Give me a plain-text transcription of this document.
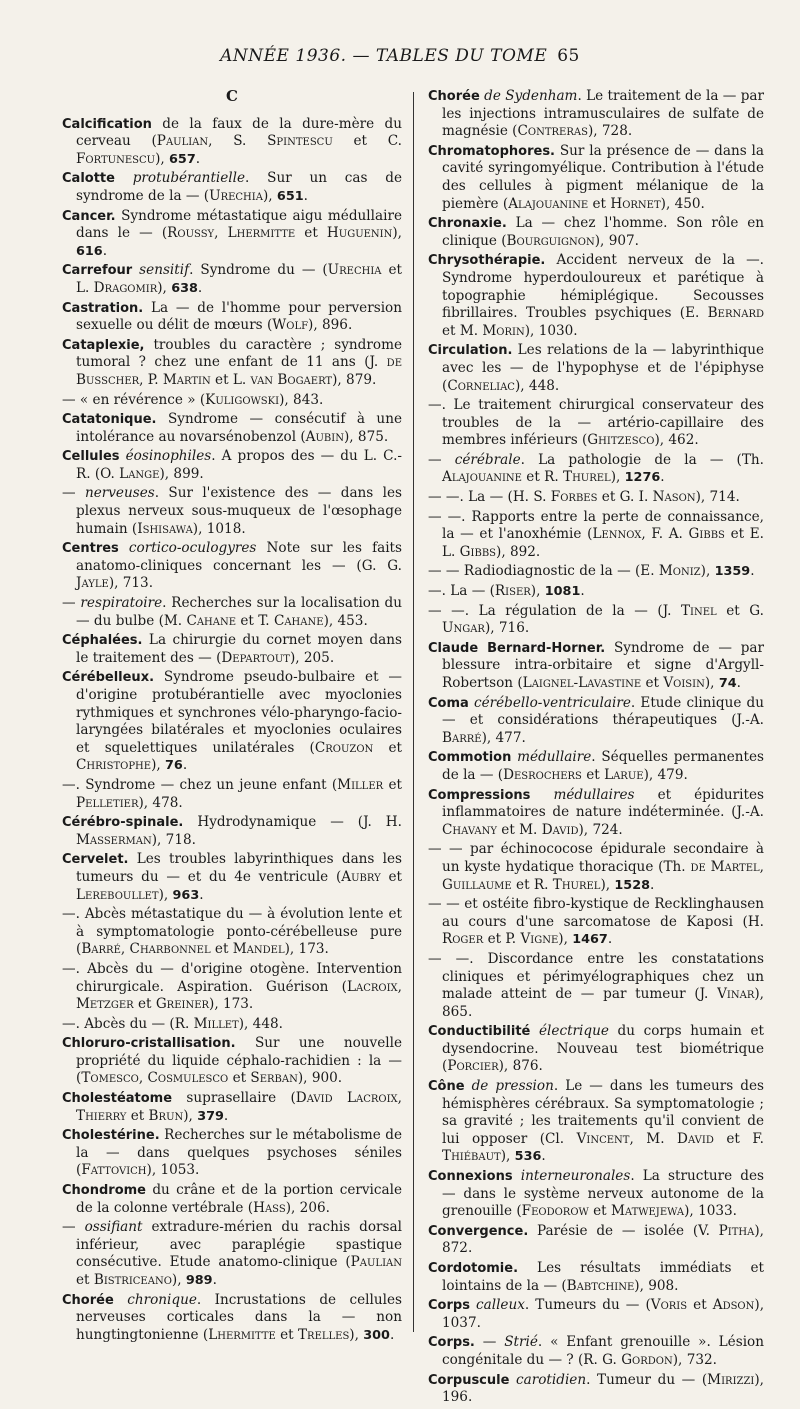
ANNÉE 1936. — TABLES DU TOME 65
C

Calcification de la faux de la dure-mère du cerveau (Paulian, S. Spintescu et C. Fortunescu), 657.

Calotte protubérantielle. Sur un cas de syndrome de la — (Urechia), 651.

Cancer. Syndrome métastatique aigu médullaire dans le — (Roussy, Lhermitte et Huguenin), 616.

Carrefour sensitif. Syndrome du — (Urechia et L. Dragomir), 638.

Castration. La — de l'homme pour perversion sexuelle ou délit de mœurs (Wolf), 896.

Cataplexie, troubles du caractère ; syndrome tumoral ? chez une enfant de 11 ans (J. de Busscher, P. Martin et L. van Bogaert), 879.

— « en révérence » (Kuligowski), 843.

Catatonique. Syndrome — consécutif à une intolérance au novarsénobenzol (Aubin), 875.

Cellules éosinophiles. A propos des — du L. C.-R. (O. Lange), 899.

— nerveuses. Sur l'existence des — dans les plexus nerveux sous-muqueux de l'œsophage humain (Ishisawa), 1018.

Centres cortico-oculogyres Note sur les faits anatomo-cliniques concernant les — (G. G. Jayle), 713.

— respiratoire. Recherches sur la localisation du — du bulbe (M. Cahane et T. Cahane), 453.

Céphalées. La chirurgie du cornet moyen dans le traitement des — (Departout), 205.

Cérébelleux. Syndrome pseudo-bulbaire et — d'origine protubérantielle avec myoclonies rythmiques et synchrones vélo-pharyngo-facio-laryngées bilatérales et myoclonies oculaires et squelettiques unilatérales (Crouzon et Christophe), 76.

—. Syndrome — chez un jeune enfant (Miller et Pelletier), 478.

Cérébro-spinale. Hydrodynamique — (J. H. Masserman), 718.

Cervelet. Les troubles labyrinthiques dans les tumeurs du — et du 4e ventricule (Aubry et Lereboullet), 963.

—. Abcès métastatique du — à évolution lente et à symptomatologie ponto-cérébelleuse pure (Barré, Charbonnel et Mandel), 173.

—. Abcès du — d'origine otogène. Intervention chirurgicale. Aspiration. Guérison (Lacroix, Metzger et Greiner), 173.

—. Abcès du — (R. Millet), 448.

Chloruro-cristallisation. Sur une nouvelle propriété du liquide céphalo-rachidien : la — (Tomesco, Cosmulesco et Serban), 900.

Cholestéatome suprasellaire (David Lacroix, Thierry et Brun), 379.

Cholestérine. Recherches sur le métabolisme de la — dans quelques psychoses séniles (Fattovich), 1053.

Chondrome du crâne et de la portion cervicale de la colonne vertébrale (Hass), 206.

— ossifiant extradure-mérien du rachis dorsal inférieur, avec paraplégie spastique consécutive. Etude anatomo-clinique (Paulian et Bistriceano), 989.

Chorée chronique. Incrustations de cellules nerveuses corticales dans la — non hungtingtonienne (Lhermitte et Trelles), 300.

Chorée de Sydenham. Le traitement de la — par les injections intramusculaires de sulfate de magnésie (Contreras), 728.

Chromatophores. Sur la présence de — dans la cavité syringomyélique. Contribution à l'étude des cellules à pigment mélanique de la piemère (Alajouanine et Hornet), 450.

Chronaxie. La — chez l'homme. Son rôle en clinique (Bourguignon), 907.

Chrysothérapie. Accident nerveux de la —. Syndrome hyperdouloureux et parétique à topographie hémiplégique. Secousses fibrillaires. Troubles psychiques (E. Bernard et M. Morin), 1030.

Circulation. Les relations de la — labyrinthique avec les — de l'hypophyse et de l'épiphyse (Corneliac), 448.

—. Le traitement chirurgical conservateur des troubles de la — artério-capillaire des membres inférieurs (Ghitzesco), 462.

— cérébrale. La pathologie de la — (Th. Alajouanine et R. Thurel), 1276.

— —. La — (H. S. Forbes et G. I. Nason), 714.

— —. Rapports entre la perte de connaissance, la — et l'anoxhémie (Lennox, F. A. Gibbs et E. L. Gibbs), 892.

— — Radiodiagnostic de la — (E. Moniz), 1359.

—. La — (Riser), 1081.

— —. La régulation de la — (J. Tinel et G. Ungar), 716.

Claude Bernard-Horner. Syndrome de — par blessure intra-orbitaire et signe d'Argyll-Robertson (Laignel-Lavastine et Voisin), 74.

Coma cérébello-ventriculaire. Etude clinique du — et considérations thérapeutiques (J.-A. Barré), 477.

Commotion médullaire. Séquelles permanentes de la — (Desrochers et Larue), 479.

Compressions médullaires et épidurites inflammatoires de nature indéterminée. (J.-A. Chavany et M. David), 724.

— — par échinococose épidurale secondaire à un kyste hydatique thoracique (Th. de Martel, Guillaume et R. Thurel), 1528.

— — et ostéite fibro-kystique de Recklinghausen au cours d'une sarcomatose de Kaposi (H. Roger et P. Vigne), 1467.

— —. Discordance entre les constatations cliniques et périmyélographiques chez un malade atteint de — par tumeur (J. Vinar), 865.

Conductibilité électrique du corps humain et dysendocrine. Nouveau test biométrique (Porcier), 876.

Cône de pression. Le — dans les tumeurs des hémisphères cérébraux. Sa symptomatologie ; sa gravité ; les traitements qu'il convient de lui opposer (Cl. Vincent, M. David et F. Thiébaut), 536.

Connexions interneuronales. La structure des — dans le système nerveux autonome de la grenouille (Feodorow et Matwejewa), 1033.

Convergence. Parésie de — isolée (V. Pitha), 872.

Cordotomie. Les résultats immédiats et lointains de la — (Babtchine), 908.

Corps calleux. Tumeurs du — (Voris et Adson), 1037.

Corps. — Strié. « Enfant grenouille ». Lésion congénitale du — ? (R. G. Gordon), 732.

Corpuscule carotidien. Tumeur du — (Mirizzi), 196.
